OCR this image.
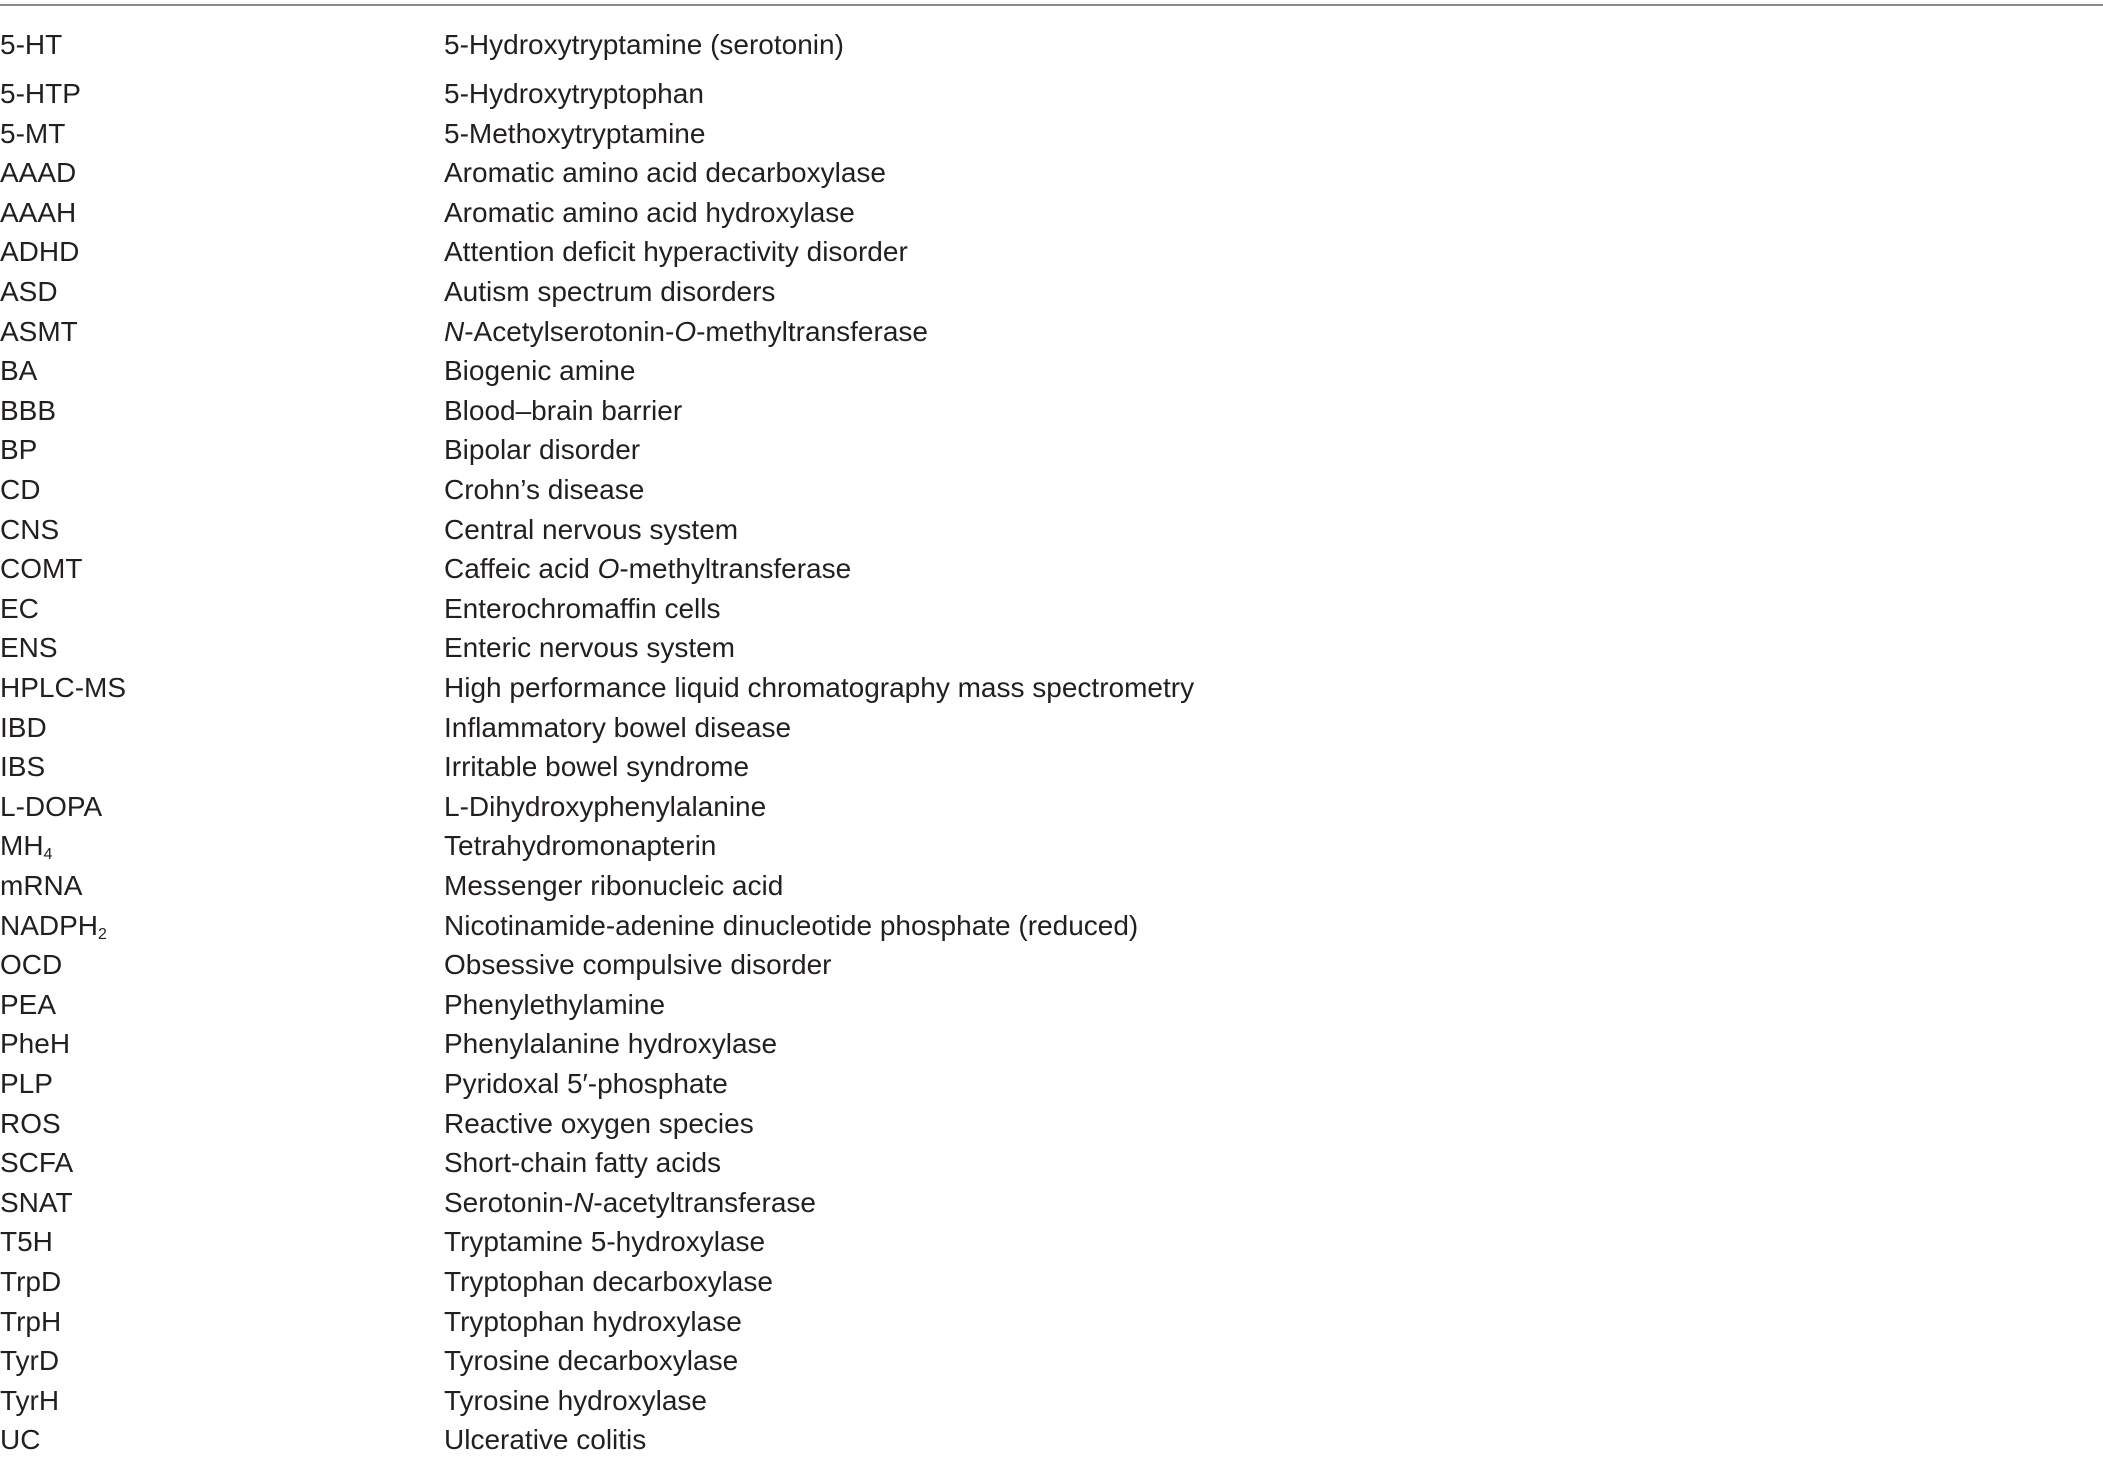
5-HT	5-Hydroxytryptamine (serotonin)
5-HTP	5-Hydroxytryptophan
5-MT	5-Methoxytryptamine
AAAD	Aromatic amino acid decarboxylase
AAAH	Aromatic amino acid hydroxylase
ADHD	Attention deficit hyperactivity disorder
ASD	Autism spectrum disorders
ASMT	N-Acetylserotonin-O-methyltransferase
BA	Biogenic amine
BBB	Blood–brain barrier
BP	Bipolar disorder
CD	Crohn’s disease
CNS	Central nervous system
COMT	Caffeic acid O-methyltransferase
EC	Enterochromaffin cells
ENS	Enteric nervous system
HPLC-MS	High performance liquid chromatography mass spectrometry
IBD	Inflammatory bowel disease
IBS	Irritable bowel syndrome
L-DOPA	L-Dihydroxyphenylalanine
$MH_4$	Tetrahydromonapterin
mRNA	Messenger ribonucleic acid
$NADPH_2$	Nicotinamide-adenine dinucleotide phosphate (reduced)
OCD	Obsessive compulsive disorder
PEA	Phenylethylamine
PheH	Phenylalanine hydroxylase
PLP	Pyridoxal 5′-phosphate
ROS	Reactive oxygen species
SCFA	Short-chain fatty acids
SNAT	Serotonin-N-acetyltransferase
T5H	Tryptamine 5-hydroxylase
TrpD	Tryptophan decarboxylase
TrpH	Tryptophan hydroxylase
TyrD	Tyrosine decarboxylase
TyrH	Tyrosine hydroxylase
UC	Ulcerative colitis
